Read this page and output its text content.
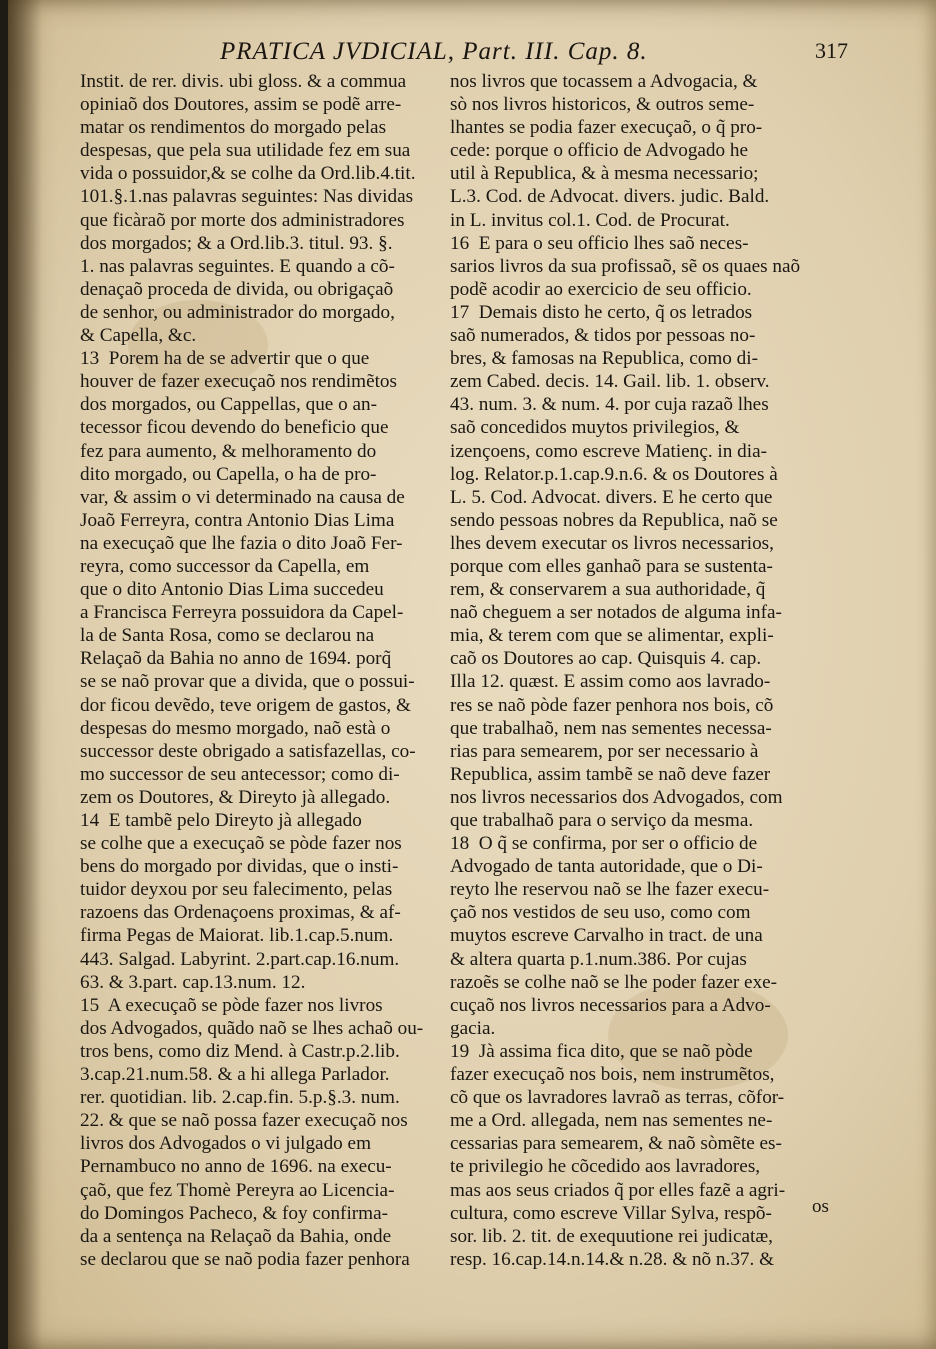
PRATICA JVDICIAL, Part. III. Cap. 8.	317

Instit. de rer. divis. ubi gloss. & a commua

opiniaõ dos Doutores, assim se podẽ arre-

matar os rendimentos do morgado pelas

despesas, que pela sua utilidade fez em sua

vida o possuidor,& se colhe da Ord.lib.4.tit.

101.§.1.nas palavras seguintes: Nas dividas

que ficàraõ por morte dos administradores

dos morgados; & a Ord.lib.3. titul. 93. §.

1. nas palavras seguintes. E quando a cõ-

denaçaõ proceda de divida, ou obrigaçaõ

de senhor, ou administrador do morgado,

& Capella, &c.

13  Porem ha de se advertir que o que

houver de fazer execuçaõ nos rendimẽtos

dos morgados, ou Cappellas, que o an-

tecessor ficou devendo do beneficio que

fez para aumento, & melhoramento do

dito morgado, ou Capella, o ha de pro-

var, & assim o vi determinado na causa de

Joaõ Ferreyra, contra Antonio Dias Lima

na execuçaõ que lhe fazia o dito Joaõ Fer-

reyra, como successor da Capella, em

que o dito Antonio Dias Lima succedeu

a Francisca Ferreyra possuidora da Capel-

la de Santa Rosa, como se declarou na

Relaçaõ da Bahia no anno de 1694. porq̃

se se naõ provar que a divida, que o possui-

dor ficou devẽdo, teve origem de gastos, &

despesas do mesmo morgado, naõ està o

successor deste obrigado a satisfazellas, co-

mo successor de seu antecessor; como di-

zem os Doutores, & Direyto jà allegado.

14  E tambẽ pelo Direyto jà allegado

se colhe que a execuçaõ se pòde fazer nos

bens do morgado por dividas, que o insti-

tuidor deyxou por seu falecimento, pelas

razoens das Ordenaçoens proximas, & af-

firma Pegas de Maiorat. lib.1.cap.5.num.

443. Salgad. Labyrint. 2.part.cap.16.num.

63. & 3.part. cap.13.num. 12.

15  A execuçaõ se pòde fazer nos livros

dos Advogados, quãdo naõ se lhes achaõ ou-

tros bens, como diz Mend. à Castr.p.2.lib.

3.cap.21.num.58. & a hi allega Parlador.

rer. quotidian. lib. 2.cap.fin. 5.p.§.3. num.

22. & que se naõ possa fazer execuçaõ nos

livros dos Advogados o vi julgado em

Pernambuco no anno de 1696. na execu-

çaõ, que fez Thomè Pereyra ao Licencia-

do Domingos Pacheco, & foy confirma-

da a sentença na Relaçaõ da Bahia, onde

se declarou que se naõ podia fazer penhora

nos livros que tocassem a Advogacia, &

sò nos livros historicos, & outros seme-

lhantes se podia fazer execuçaõ, o q̃ pro-

cede: porque o officio de Advogado he

util à Republica, & à mesma necessario;

L.3. Cod. de Advocat. divers. judic. Bald.

in L. invitus col.1. Cod. de Procurat.

16  E para o seu officio lhes saõ neces-

sarios livros da sua profissaõ, sẽ os quaes naõ

podẽ acodir ao exercicio de seu officio.

17  Demais disto he certo, q̃ os letrados

saõ numerados, & tidos por pessoas no-

bres, & famosas na Republica, como di-

zem Cabed. decis. 14. Gail. lib. 1. observ.

43. num. 3. & num. 4. por cuja razaõ lhes

saõ concedidos muytos privilegios, &

izençoens, como escreve Matienç. in dia-

log. Relator.p.1.cap.9.n.6. & os Doutores à

L. 5. Cod. Advocat. divers. E he certo que

sendo pessoas nobres da Republica, naõ se

lhes devem executar os livros necessarios,

porque com elles ganhaõ para se sustenta-

rem, & conservarem a sua authoridade, q̃

naõ cheguem a ser notados de alguma infa-

mia, & terem com que se alimentar, expli-

caõ os Doutores ao cap. Quisquis 4. cap.

Illa 12. quæst. E assim como aos lavrado-

res se naõ pòde fazer penhora nos bois, cõ

que trabalhaõ, nem nas sementes necessa-

rias para semearem, por ser necessario à

Republica, assim tambẽ se naõ deve fazer

nos livros necessarios dos Advogados, com

que trabalhaõ para o serviço da mesma.

18  O q̃ se confirma, por ser o officio de

Advogado de tanta autoridade, que o Di-

reyto lhe reservou naõ se lhe fazer execu-

çaõ nos vestidos de seu uso, como com

muytos escreve Carvalho in tract. de una

& altera quarta p.1.num.386. Por cujas

razoẽs se colhe naõ se lhe poder fazer exe-

cuçaõ nos livros necessarios para a Advo-

gacia.

19  Jà assima fica dito, que se naõ pòde

fazer execuçaõ nos bois, nem instrumẽtos,

cõ que os lavradores lavraõ as terras, cõfor-

me a Ord. allegada, nem nas sementes ne-

cessarias para semearem, & naõ sòmẽte es-

te privilegio he cõcedido aos lavradores,

mas aos seus criados q̃ por elles fazẽ a agri-

cultura, como escreve Villar Sylva, respõ-

sor. lib. 2. tit. de exequutione rei judicatæ,

resp. 16.cap.14.n.14.& n.28. & nõ n.37. &

os
